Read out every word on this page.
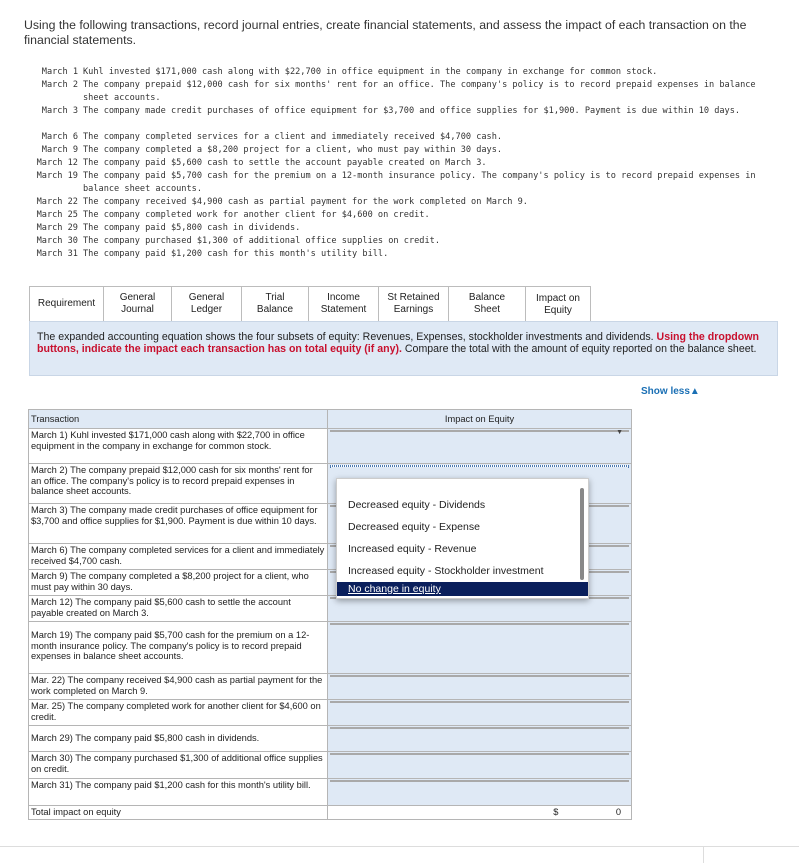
Using the following transactions, record journal entries, create financial statements, and assess the impact of each transaction on the financial statements.
March 1 Kuhl invested $171,000 cash along with $22,700 in office equipment in the company in exchange for common stock.
March 2 The company prepaid $12,000 cash for six months' rent for an office. The company's policy is to record prepaid expenses in balance sheet accounts.
March 3 The company made credit purchases of office equipment for $3,700 and office supplies for $1,900. Payment is due within 10 days.
March 6 The company completed services for a client and immediately received $4,700 cash.
March 9 The company completed a $8,200 project for a client, who must pay within 30 days.
March 12 The company paid $5,600 cash to settle the account payable created on March 3.
March 19 The company paid $5,700 cash for the premium on a 12-month insurance policy. The company's policy is to record prepaid expenses in balance sheet accounts.
March 22 The company received $4,900 cash as partial payment for the work completed on March 9.
March 25 The company completed work for another client for $4,600 on credit.
March 29 The company paid $5,800 cash in dividends.
March 30 The company purchased $1,300 of additional office supplies on credit.
March 31 The company paid $1,200 cash for this month's utility bill.
Requirement
General Journal
General Ledger
Trial Balance
Income Statement
St Retained Earnings
Balance Sheet
Impact on Equity
The expanded accounting equation shows the four subsets of equity: Revenues, Expenses, stockholder investments and dividends. Using the dropdown buttons, indicate the impact each transaction has on total equity (if any). Compare the total with the amount of equity reported on the balance sheet.
Show less▲
Transaction	Impact on Equity
March 1) Kuhl invested $171,000 cash along with $22,700 in office equipment in the company in exchange for common stock.	▼

March 2) The company prepaid $12,000 cash for six months' rent for an office. The company's policy is to record prepaid expenses in balance sheet accounts.	

March 3) The company made credit purchases of office equipment for $3,700 and office supplies for $1,900. Payment is due within 10 days.	

March 6) The company completed services for a client and immediately received $4,700 cash.	

March 9) The company completed a $8,200 project for a client, who must pay within 30 days.	

March 12) The company paid $5,600 cash to settle the account payable created on March 3.	

March 19) The company paid $5,700 cash for the premium on a 12-month insurance policy. The company's policy is to record prepaid expenses in balance sheet accounts.	

Mar. 22) The company received $4,900 cash as partial payment for the work completed on March 9.	

Mar. 25) The company completed work for another client for $4,600 on credit.	

March 29) The company paid $5,800 cash in dividends.	

March 30) The company purchased $1,300 of additional office supplies on credit.	

March 31) The company paid $1,200 cash for this month's utility bill.	

Total impact on equity	$ 0
Decreased equity - Dividends
Decreased equity - Expense
Increased equity - Revenue
Increased equity - Stockholder investment
No change in equity
